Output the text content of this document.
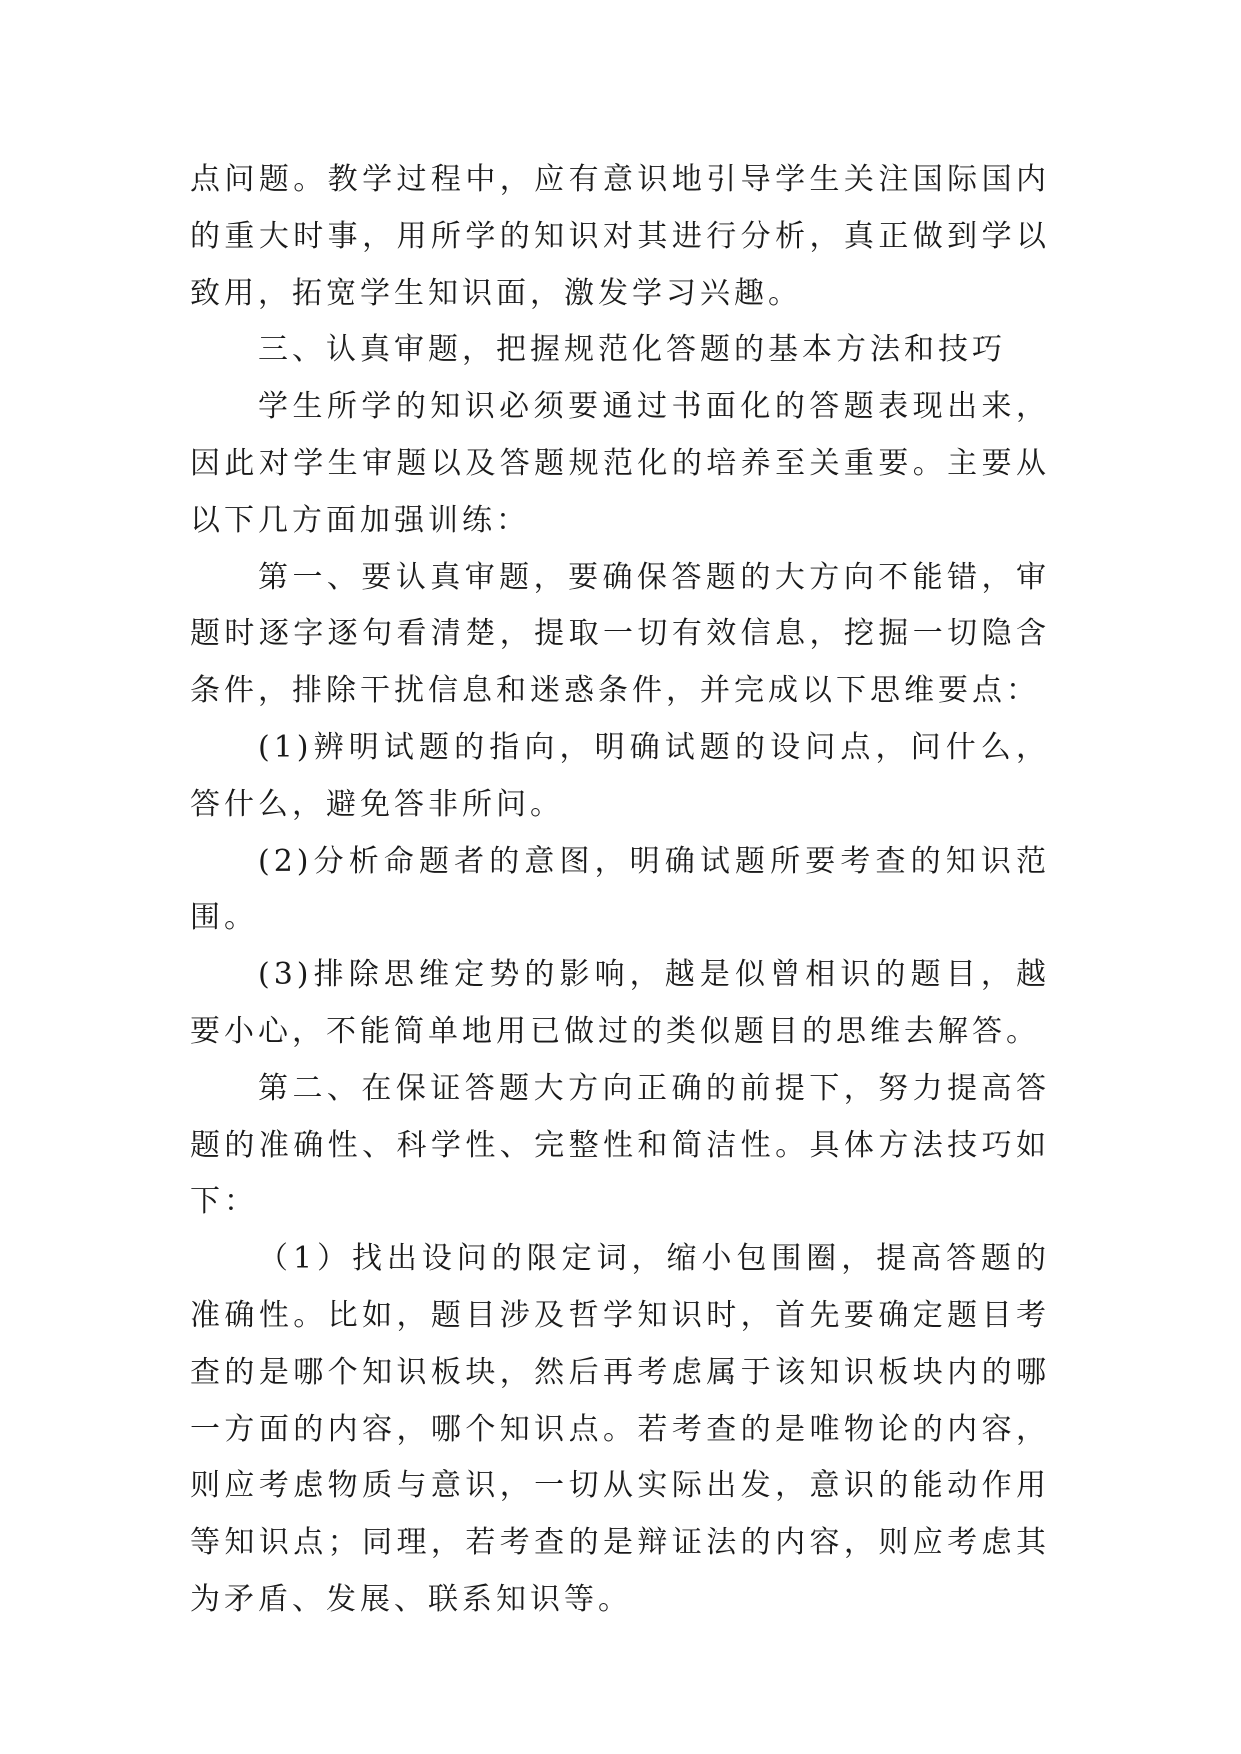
点问题。教学过程中，应有意识地引导学生关注国际国内的重大时事，用所学的知识对其进行分析，真正做到学以致用，拓宽学生知识面，激发学习兴趣。

三、认真审题，把握规范化答题的基本方法和技巧

学生所学的知识必须要通过书面化的答题表现出来，因此对学生审题以及答题规范化的培养至关重要。主要从以下几方面加强训练：

第一、要认真审题，要确保答题的大方向不能错，审题时逐字逐句看清楚，提取一切有效信息，挖掘一切隐含条件，排除干扰信息和迷惑条件，并完成以下思维要点：

(1)辨明试题的指向，明确试题的设问点，问什么，答什么，避免答非所问。

(2)分析命题者的意图，明确试题所要考查的知识范围。

(3)排除思维定势的影响，越是似曾相识的题目，越要小心，不能简单地用已做过的类似题目的思维去解答。

第二、在保证答题大方向正确的前提下，努力提高答题的准确性、科学性、完整性和简洁性。具体方法技巧如下：

（1）找出设问的限定词，缩小包围圈，提高答题的准确性。比如，题目涉及哲学知识时，首先要确定题目考查的是哪个知识板块，然后再考虑属于该知识板块内的哪一方面的内容，哪个知识点。若考查的是唯物论的内容，则应考虑物质与意识，一切从实际出发，意识的能动作用等知识点；同理，若考查的是辩证法的内容，则应考虑其为矛盾、发展、联系知识等。
